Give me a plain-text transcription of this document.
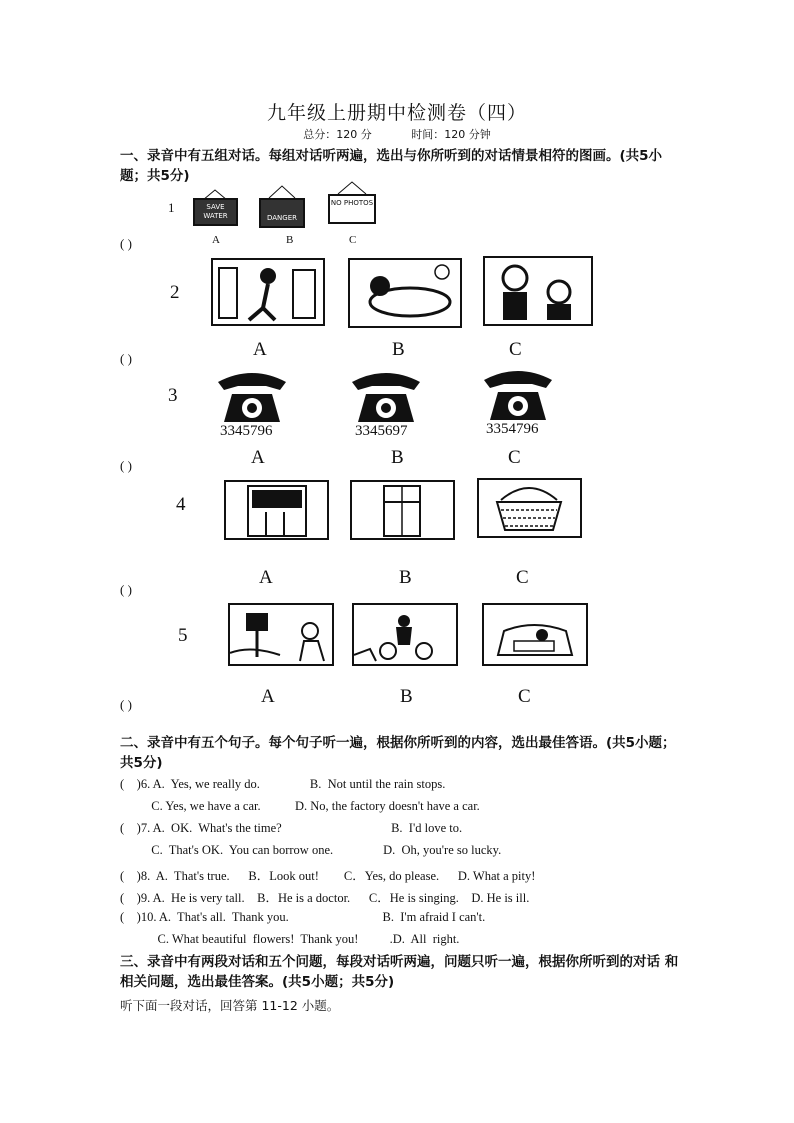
九年级上册期中检测卷（四）
总分：120 分	时间：120 分钟
一、录音中有五组对话。每组对话听两遍，选出与你所听到的对话情景相符的图画。(共5小题；共5分)
1	SAVE WATER	DANGER
NO PHOTOS
( )	A	B	C
2
( )	A	B	C
3
3345796	3345697	3354796
( )	A	B	C
4
( )
A	B	C
5
( )	A	B	C
二、录音中有五个句子。每个句子听一遍，根据你所听到的内容，选出最佳答语。(共5小题；共5分)
(    )6. A.  Yes, we really do.                B.  Not until the rain stops.
C. Yes, we have a car.           D. No, the factory doesn't have a car.
(    )7. A.  OK.  What's the time?                                   B.  I'd love to.
C.  That's OK.  You can borrow one.                D.  Oh, you're so lucky.
(    )8.  A.  That's true.      B．Look out!        C．Yes, do please.      D. What a pity!
(    )9. A.  He is very tall.    B．He is a doctor.      C．He is singing.    D. He is ill.
(    )10. A.  That's all.  Thank you.                              B.  I'm afraid I can't.
C. What beautiful  flowers!  Thank you!          .D.  All  right.
三、录音中有两段对话和五个问题，每段对话听两遍，问题只听一遍，根据你所听到的对话 和相关问题，选出最佳答案。(共5小题；共5分)
听下面一段对话，回答第 11-12 小题。
